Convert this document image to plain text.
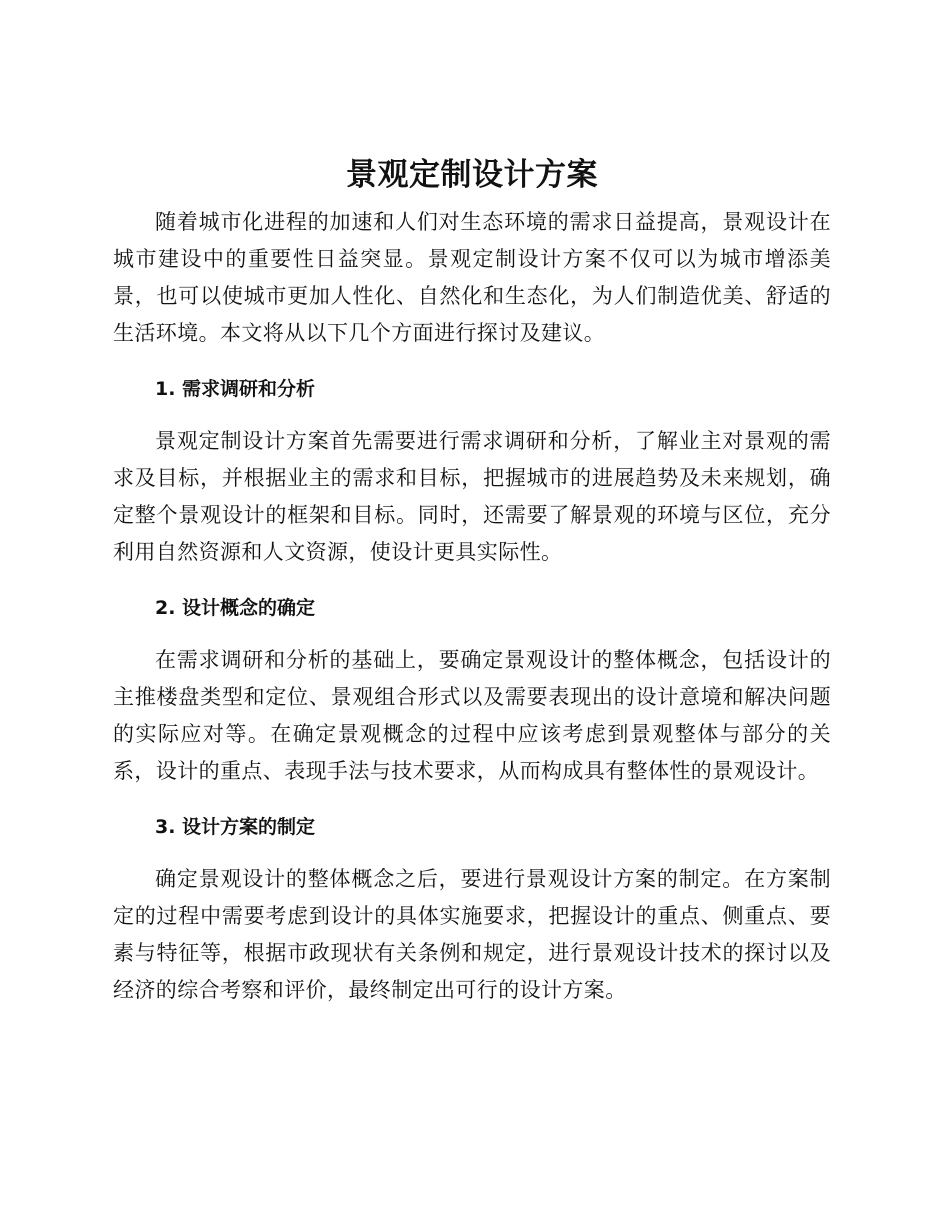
景观定制设计方案

随着城市化进程的加速和人们对生态环境的需求日益提高，景观设计在城市建设中的重要性日益突显。景观定制设计方案不仅可以为城市增添美景，也可以使城市更加人性化、自然化和生态化，为人们制造优美、舒适的生活环境。本文将从以下几个方面进行探讨及建议。

1. 需求调研和分析

景观定制设计方案首先需要进行需求调研和分析，了解业主对景观的需求及目标，并根据业主的需求和目标，把握城市的进展趋势及未来规划，确定整个景观设计的框架和目标。同时，还需要了解景观的环境与区位，充分利用自然资源和人文资源，使设计更具实际性。

2. 设计概念的确定

在需求调研和分析的基础上，要确定景观设计的整体概念，包括设计的主推楼盘类型和定位、景观组合形式以及需要表现出的设计意境和解决问题的实际应对等。在确定景观概念的过程中应该考虑到景观整体与部分的关系，设计的重点、表现手法与技术要求，从而构成具有整体性的景观设计。

3. 设计方案的制定

确定景观设计的整体概念之后，要进行景观设计方案的制定。在方案制定的过程中需要考虑到设计的具体实施要求，把握设计的重点、侧重点、要素与特征等，根据市政现状有关条例和规定，进行景观设计技术的探讨以及经济的综合考察和评价，最终制定出可行的设计方案。
